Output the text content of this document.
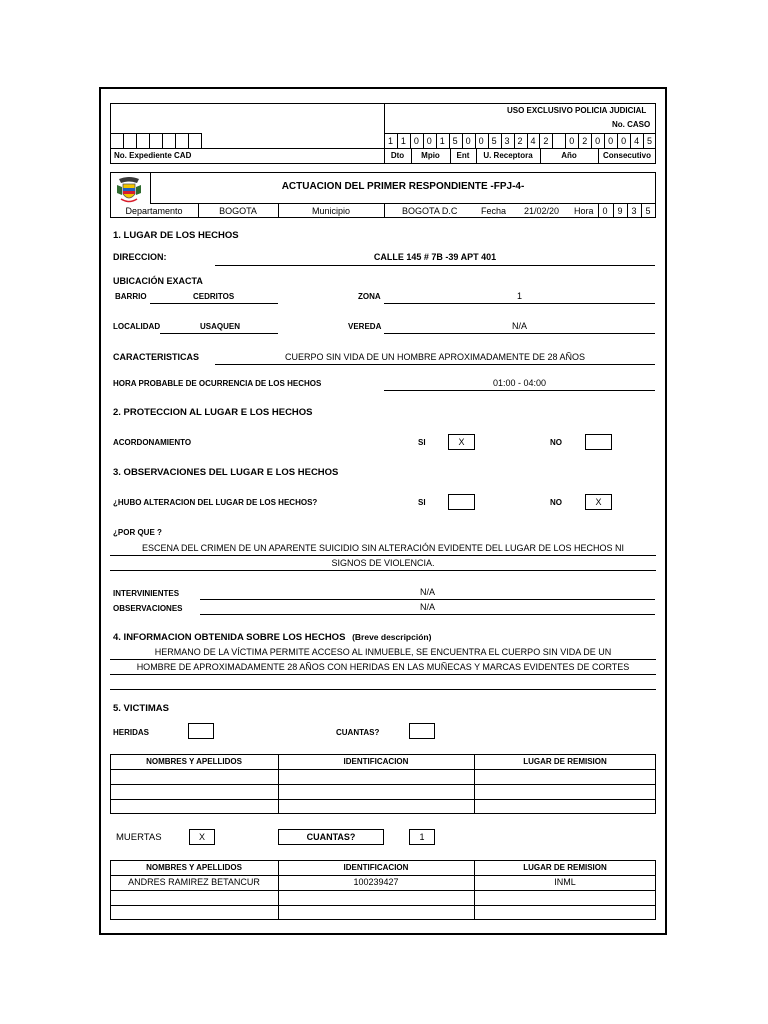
USO EXCLUSIVO POLICIA JUDICIAL
No. CASO
No. Expediente CAD
1 1 0 0 1 5 0 0 5 3 2 4 2	0 2 0 0 0 4 5
Dto	Mpio	Ent	U. Receptora	Año	Consecutivo
ACTUACION DEL PRIMER RESPONDIENTE -FPJ-4-
Departamento	BOGOTA	Municipio	BOGOTA D.C	Fecha 21/02/20 Hora 0	9 3 5
1. LUGAR DE LOS HECHOS
DIRECCION:	CALLE 145 # 7B -39 APT 401
UBICACIÓN EXACTA
BARRIO	CEDRITOS	ZONA	1
LOCALIDAD	USAQUEN	VEREDA	N/A
CARACTERISTICAS	CUERPO SIN VIDA DE UN HOMBRE APROXIMADAMENTE DE 28 AÑOS
HORA PROBABLE DE OCURRENCIA DE LOS HECHOS	01:00 - 04:00
2. PROTECCION AL LUGAR E LOS HECHOS
ACORDONAMIENTO	SI	X	NO
3. OBSERVACIONES DEL LUGAR E LOS HECHOS
¿HUBO ALTERACION DEL LUGAR DE LOS HECHOS?	SI	NO	X
¿POR QUE ?
ESCENA DEL CRIMEN DE UN APARENTE SUICIDIO SIN ALTERACIÓN EVIDENTE DEL LUGAR DE LOS HECHOS NI
SIGNOS DE VIOLENCIA.
INTERVINIENTES	N/A
OBSERVACIONES	N/A
4. INFORMACION OBTENIDA SOBRE LOS HECHOS (Breve descripción)
HERMANO DE LA VÍCTIMA PERMITE ACCESO AL INMUEBLE, SE ENCUENTRA EL CUERPO SIN VIDA DE UN
HOMBRE DE APROXIMADAMENTE 28 AÑOS CON HERIDAS EN LAS MUÑECAS Y MARCAS EVIDENTES DE CORTES
5. VICTIMAS
HERIDAS	CUANTAS?
NOMBRES Y APELLIDOS	IDENTIFICACION	LUGAR DE REMISION
MUERTAS	X	CUANTAS?	1
NOMBRES Y APELLIDOS	IDENTIFICACION	LUGAR DE REMISION
ANDRES RAMIREZ BETANCUR	100239427	INML
